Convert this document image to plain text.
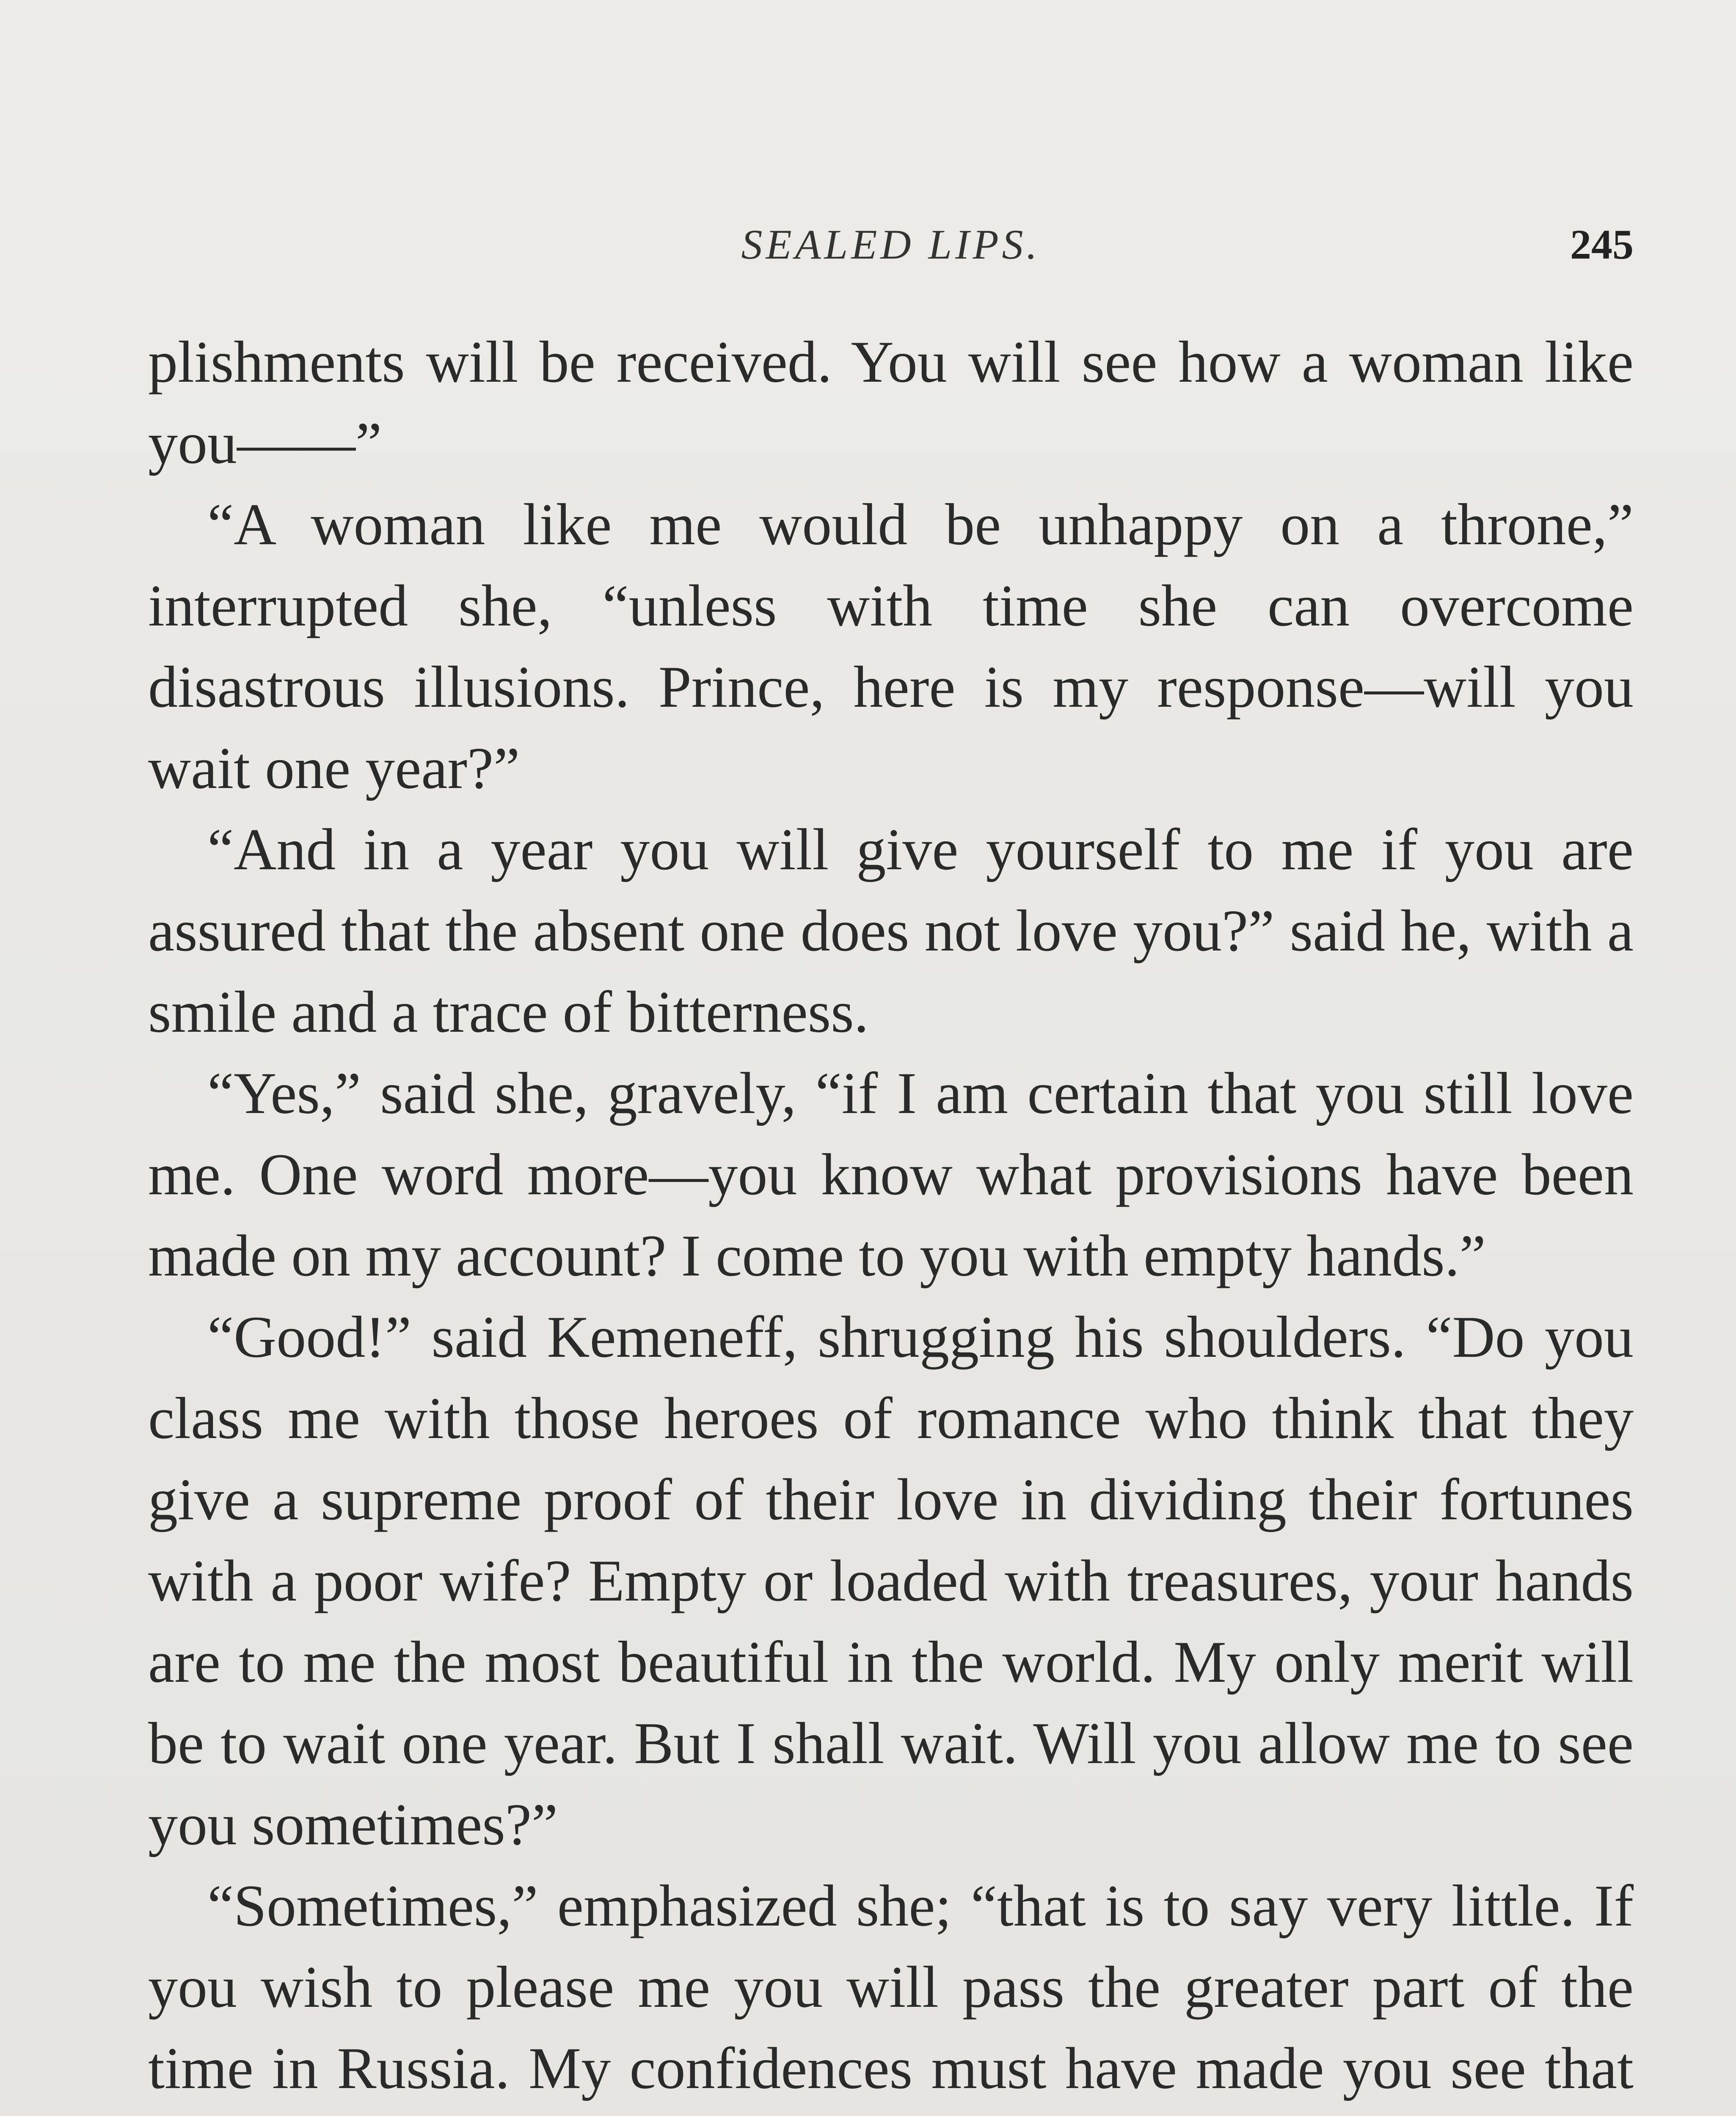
SEALED LIPS.	245

plishments will be received. You will see how a woman like you——”

“A woman like me would be unhappy on a throne,” interrupted she, “unless with time she can overcome disastrous illusions. Prince, here is my response—will you wait one year?”

“And in a year you will give yourself to me if you are assured that the absent one does not love you?” said he, with a smile and a trace of bitterness.

“Yes,” said she, gravely, “if I am certain that you still love me. One word more—you know what provisions have been made on my account? I come to you with empty hands.”

“Good!” said Kemeneff, shrugging his shoulders. “Do you class me with those heroes of romance who think that they give a supreme proof of their love in dividing their fortunes with a poor wife? Empty or loaded with treasures, your hands are to me the most beautiful in the world. My only merit will be to wait one year. But I shall wait. Will you allow me to see you sometimes?”

“Sometimes,” emphasized she; “that is to say very little. If you wish to please me you will pass the greater part of the time in Russia. My confidences must have made you see that
